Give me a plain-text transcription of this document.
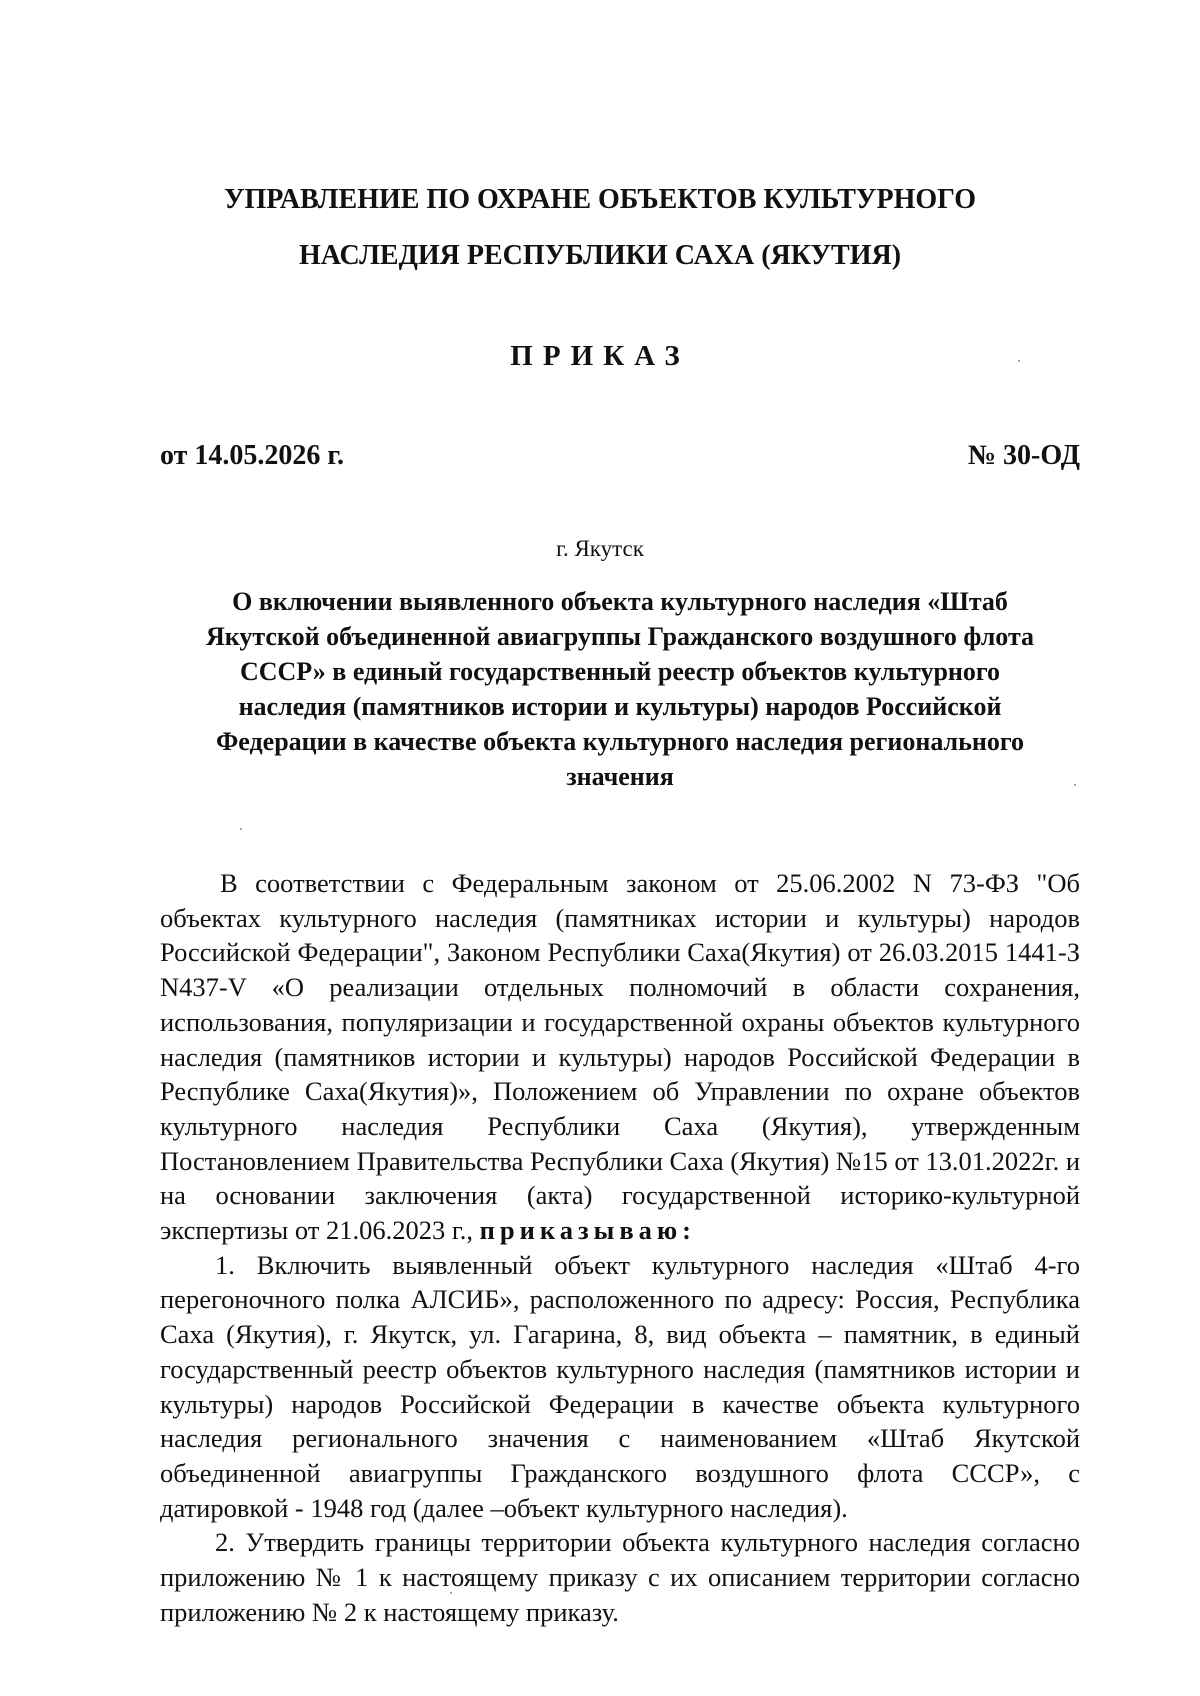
УПРАВЛЕНИЕ ПО ОХРАНЕ ОБЪЕКТОВ КУЛЬТУРНОГО
НАСЛЕДИЯ РЕСПУБЛИКИ САХА (ЯКУТИЯ)
ПРИКАЗ
от 14.05.2026 г.	№ 30-ОД
г. Якутск
О включении выявленного объекта культурного наследия «Штаб
Якутской объединенной авиагруппы Гражданского воздушного флота
СССР» в единый государственный реестр объектов культурного
наследия (памятников истории и культуры) народов Российской
Федерации в качестве объекта культурного наследия регионального
значения

В соответствии с Федеральным законом от 25.06.2002 N 73-ФЗ "Об объектах культурного наследия (памятниках истории и культуры) народов Российской Федерации", Законом Республики Саха(Якутия) от 26.03.2015 1441-З N437-V «О реализации отдельных полномочий в области сохранения, использования, популяризации и государственной охраны объектов культурного наследия (памятников истории и культуры) народов Российской Федерации в Республике Саха(Якутия)», Положением об Управлении по охране объектов культурного наследия Республики Саха (Якутия), утвержденным Постановлением Правительства Республики Саха (Якутия) №15 от 13.01.2022г. и на основании заключения (акта) государственной историко-культурной экспертизы от 21.06.2023 г., приказываю:

1. Включить выявленный объект культурного наследия «Штаб 4-го перегоночного полка АЛСИБ», расположенного по адресу: Россия, Республика Саха (Якутия), г. Якутск, ул. Гагарина, 8, вид объекта – памятник, в единый государственный реестр объектов культурного наследия (памятников истории и культуры) народов Российской Федерации в качестве объекта культурного наследия регионального значения с наименованием «Штаб Якутской объединенной авиагруппы Гражданского воздушного флота СССР», с датировкой - 1948 год (далее –объект культурного наследия).

2. Утвердить границы территории объекта культурного наследия согласно приложению № 1 к настоящему приказу с их описанием территории согласно приложению № 2 к настоящему приказу.
